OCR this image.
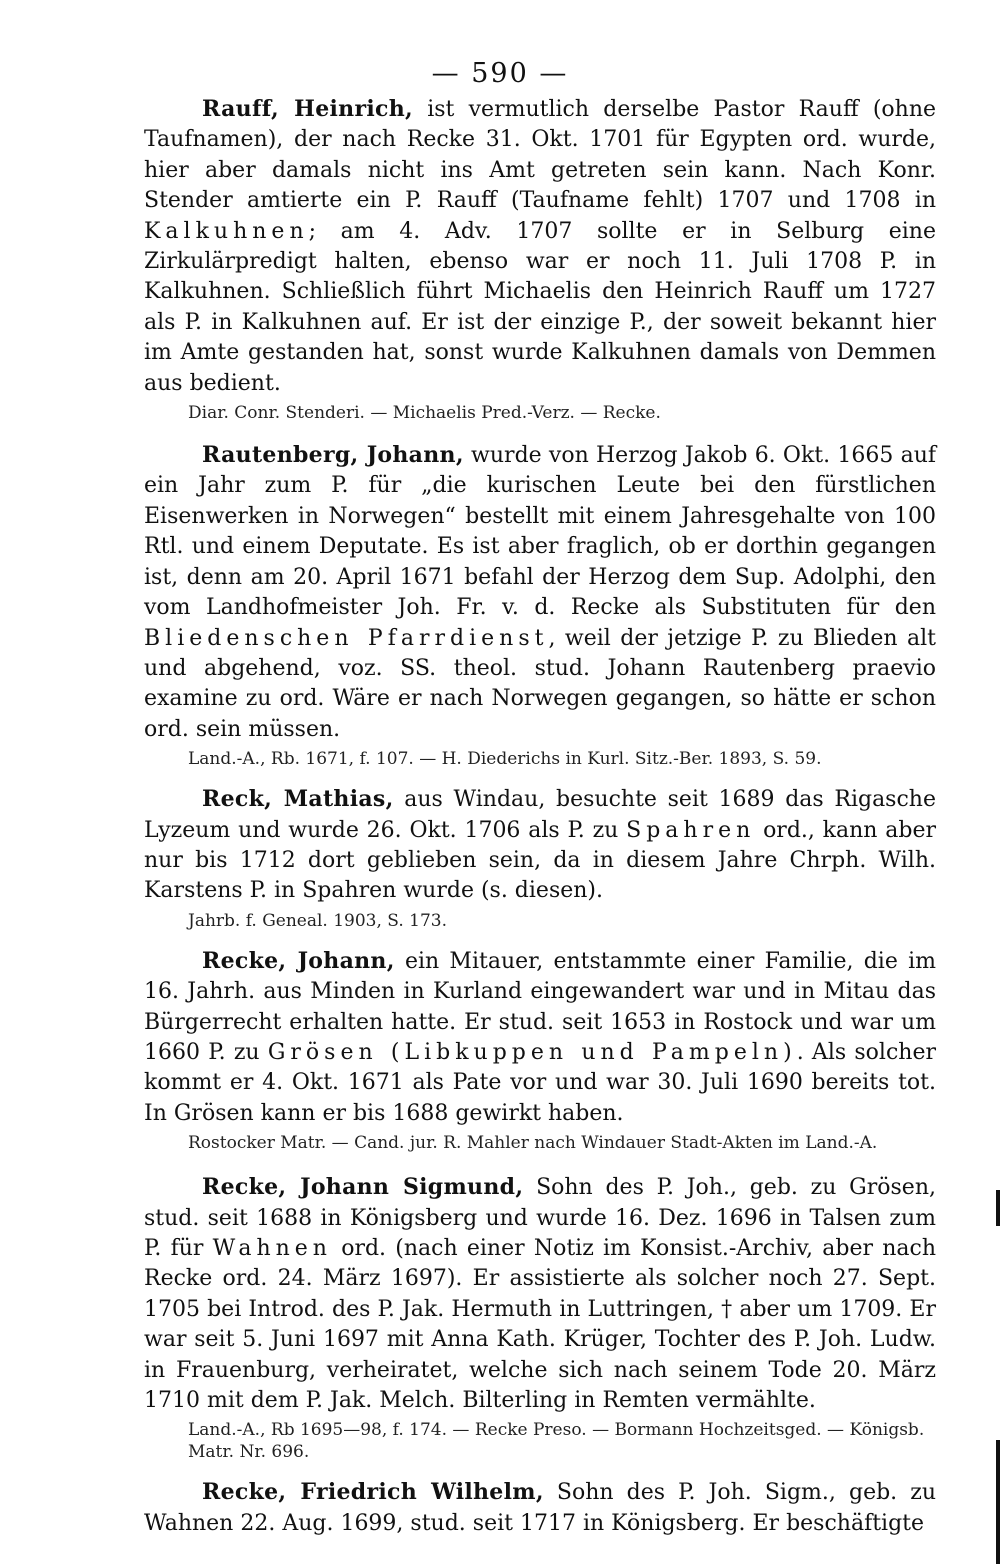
— 590 —

Rauff, Heinrich, ist vermutlich derselbe Pastor Rauff (ohne Taufnamen), der nach Recke 31. Okt. 1701 für Egypten ord. wurde, hier aber damals nicht ins Amt getreten sein kann. Nach Konr. Stender amtierte ein P. Rauff (Taufname fehlt) 1707 und 1708 in Kalkuhnen; am 4. Adv. 1707 sollte er in Selburg eine Zirkulärpredigt halten, ebenso war er noch 11. Juli 1708 P. in Kalkuhnen. Schließlich führt Michaelis den Heinrich Rauff um 1727 als P. in Kalkuhnen auf. Er ist der einzige P., der soweit bekannt hier im Amte gestanden hat, sonst wurde Kalkuhnen damals von Demmen aus bedient.

Diar. Conr. Stenderi. — Michaelis Pred.-Verz. — Recke.

Rautenberg, Johann, wurde von Herzog Jakob 6. Okt. 1665 auf ein Jahr zum P. für „die kurischen Leute bei den fürstlichen Eisenwerken in Norwegen“ bestellt mit einem Jahresgehalte von 100 Rtl. und einem Deputate. Es ist aber fraglich, ob er dorthin gegangen ist, denn am 20. April 1671 befahl der Herzog dem Sup. Adolphi, den vom Landhofmeister Joh. Fr. v. d. Recke als Substituten für den Bliedenschen Pfarrdienst, weil der jetzige P. zu Blieden alt und abgehend, voz. SS. theol. stud. Johann Rautenberg praevio examine zu ord. Wäre er nach Norwegen gegangen, so hätte er schon ord. sein müssen.

Land.-A., Rb. 1671, f. 107. — H. Diederichs in Kurl. Sitz.-Ber. 1893, S. 59.

Reck, Mathias, aus Windau, besuchte seit 1689 das Rigasche Lyzeum und wurde 26. Okt. 1706 als P. zu Spahren ord., kann aber nur bis 1712 dort geblieben sein, da in diesem Jahre Chrph. Wilh. Karstens P. in Spahren wurde (s. diesen).

Jahrb. f. Geneal. 1903, S. 173.

Recke, Johann, ein Mitauer, entstammte einer Familie, die im 16. Jahrh. aus Minden in Kurland eingewandert war und in Mitau das Bürgerrecht erhalten hatte. Er stud. seit 1653 in Rostock und war um 1660 P. zu Grösen (Libkuppen und Pampeln). Als solcher kommt er 4. Okt. 1671 als Pate vor und war 30. Juli 1690 bereits tot. In Grösen kann er bis 1688 gewirkt haben.

Rostocker Matr. — Cand. jur. R. Mahler nach Windauer Stadt-Akten im Land.-A.

Recke, Johann Sigmund, Sohn des P. Joh., geb. zu Grösen, stud. seit 1688 in Königsberg und wurde 16. Dez. 1696 in Talsen zum P. für Wahnen ord. (nach einer Notiz im Konsist.-Archiv, aber nach Recke ord. 24. März 1697). Er assistierte als solcher noch 27. Sept. 1705 bei Introd. des P. Jak. Hermuth in Luttringen, † aber um 1709. Er war seit 5. Juni 1697 mit Anna Kath. Krüger, Tochter des P. Joh. Ludw. in Frauenburg, verheiratet, welche sich nach seinem Tode 20. März 1710 mit dem P. Jak. Melch. Bilterling in Remten vermählte.

Land.-A., Rb 1695—98, f. 174. — Recke Preso. — Bormann Hochzeitsged. — Königsb. Matr. Nr. 696.

Recke, Friedrich Wilhelm, Sohn des P. Joh. Sigm., geb. zu Wahnen 22. Aug. 1699, stud. seit 1717 in Königsberg. Er beschäftigte
